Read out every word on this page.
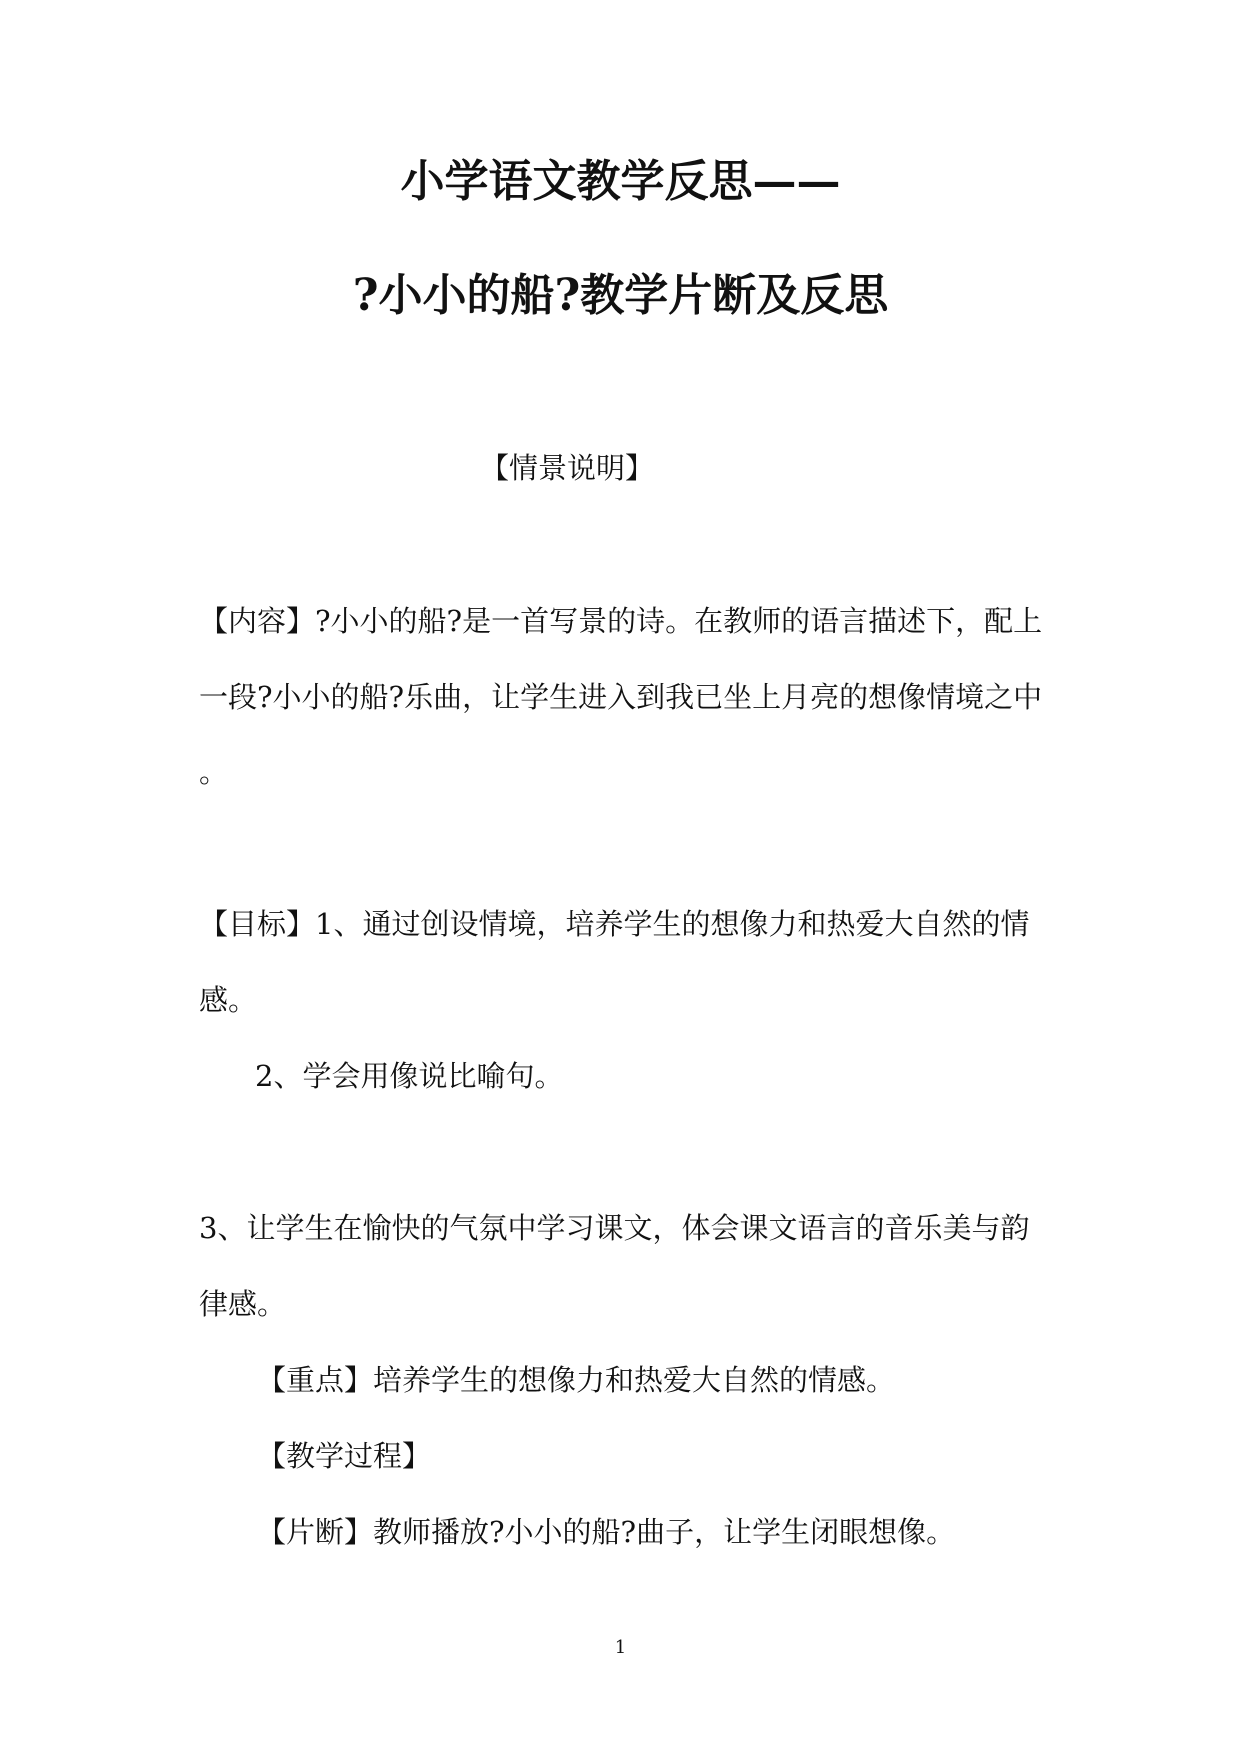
小学语文教学反思——
?小小的船?教学片断及反思
【情景说明】
【内容】?小小的船?是一首写景的诗。在教师的语言描述下，配上
一段?小小的船?乐曲，让学生进入到我已坐上月亮的想像情境之中
。
【目标】1、通过创设情境，培养学生的想像力和热爱大自然的情
感。
2、学会用像说比喻句。
3、让学生在愉快的气氛中学习课文，体会课文语言的音乐美与韵
律感。
【重点】培养学生的想像力和热爱大自然的情感。
【教学过程】
【片断】教师播放?小小的船?曲子，让学生闭眼想像。
1
